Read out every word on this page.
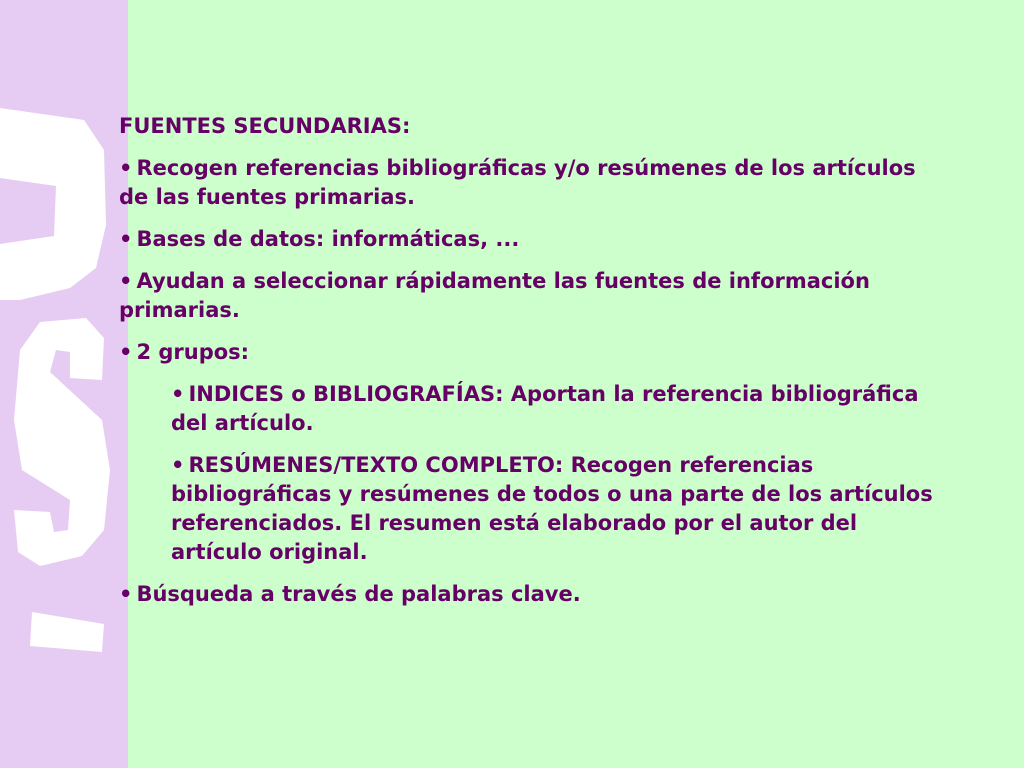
FUENTES SECUNDARIAS:
• Recogen referencias bibliográficas y/o resúmenes de los artículos de las fuentes primarias.
• Bases de datos: informáticas, ...
• Ayudan a seleccionar rápidamente las fuentes de información primarias.
• 2 grupos:
• INDICES o BIBLIOGRAFÍAS: Aportan la referencia bibliográfica del artículo.
• RESÚMENES/TEXTO COMPLETO: Recogen referencias bibliográficas y resúmenes de todos o una parte de los artículos referenciados. El resumen está elaborado por el autor del artículo original.
• Búsqueda a través de palabras clave.
